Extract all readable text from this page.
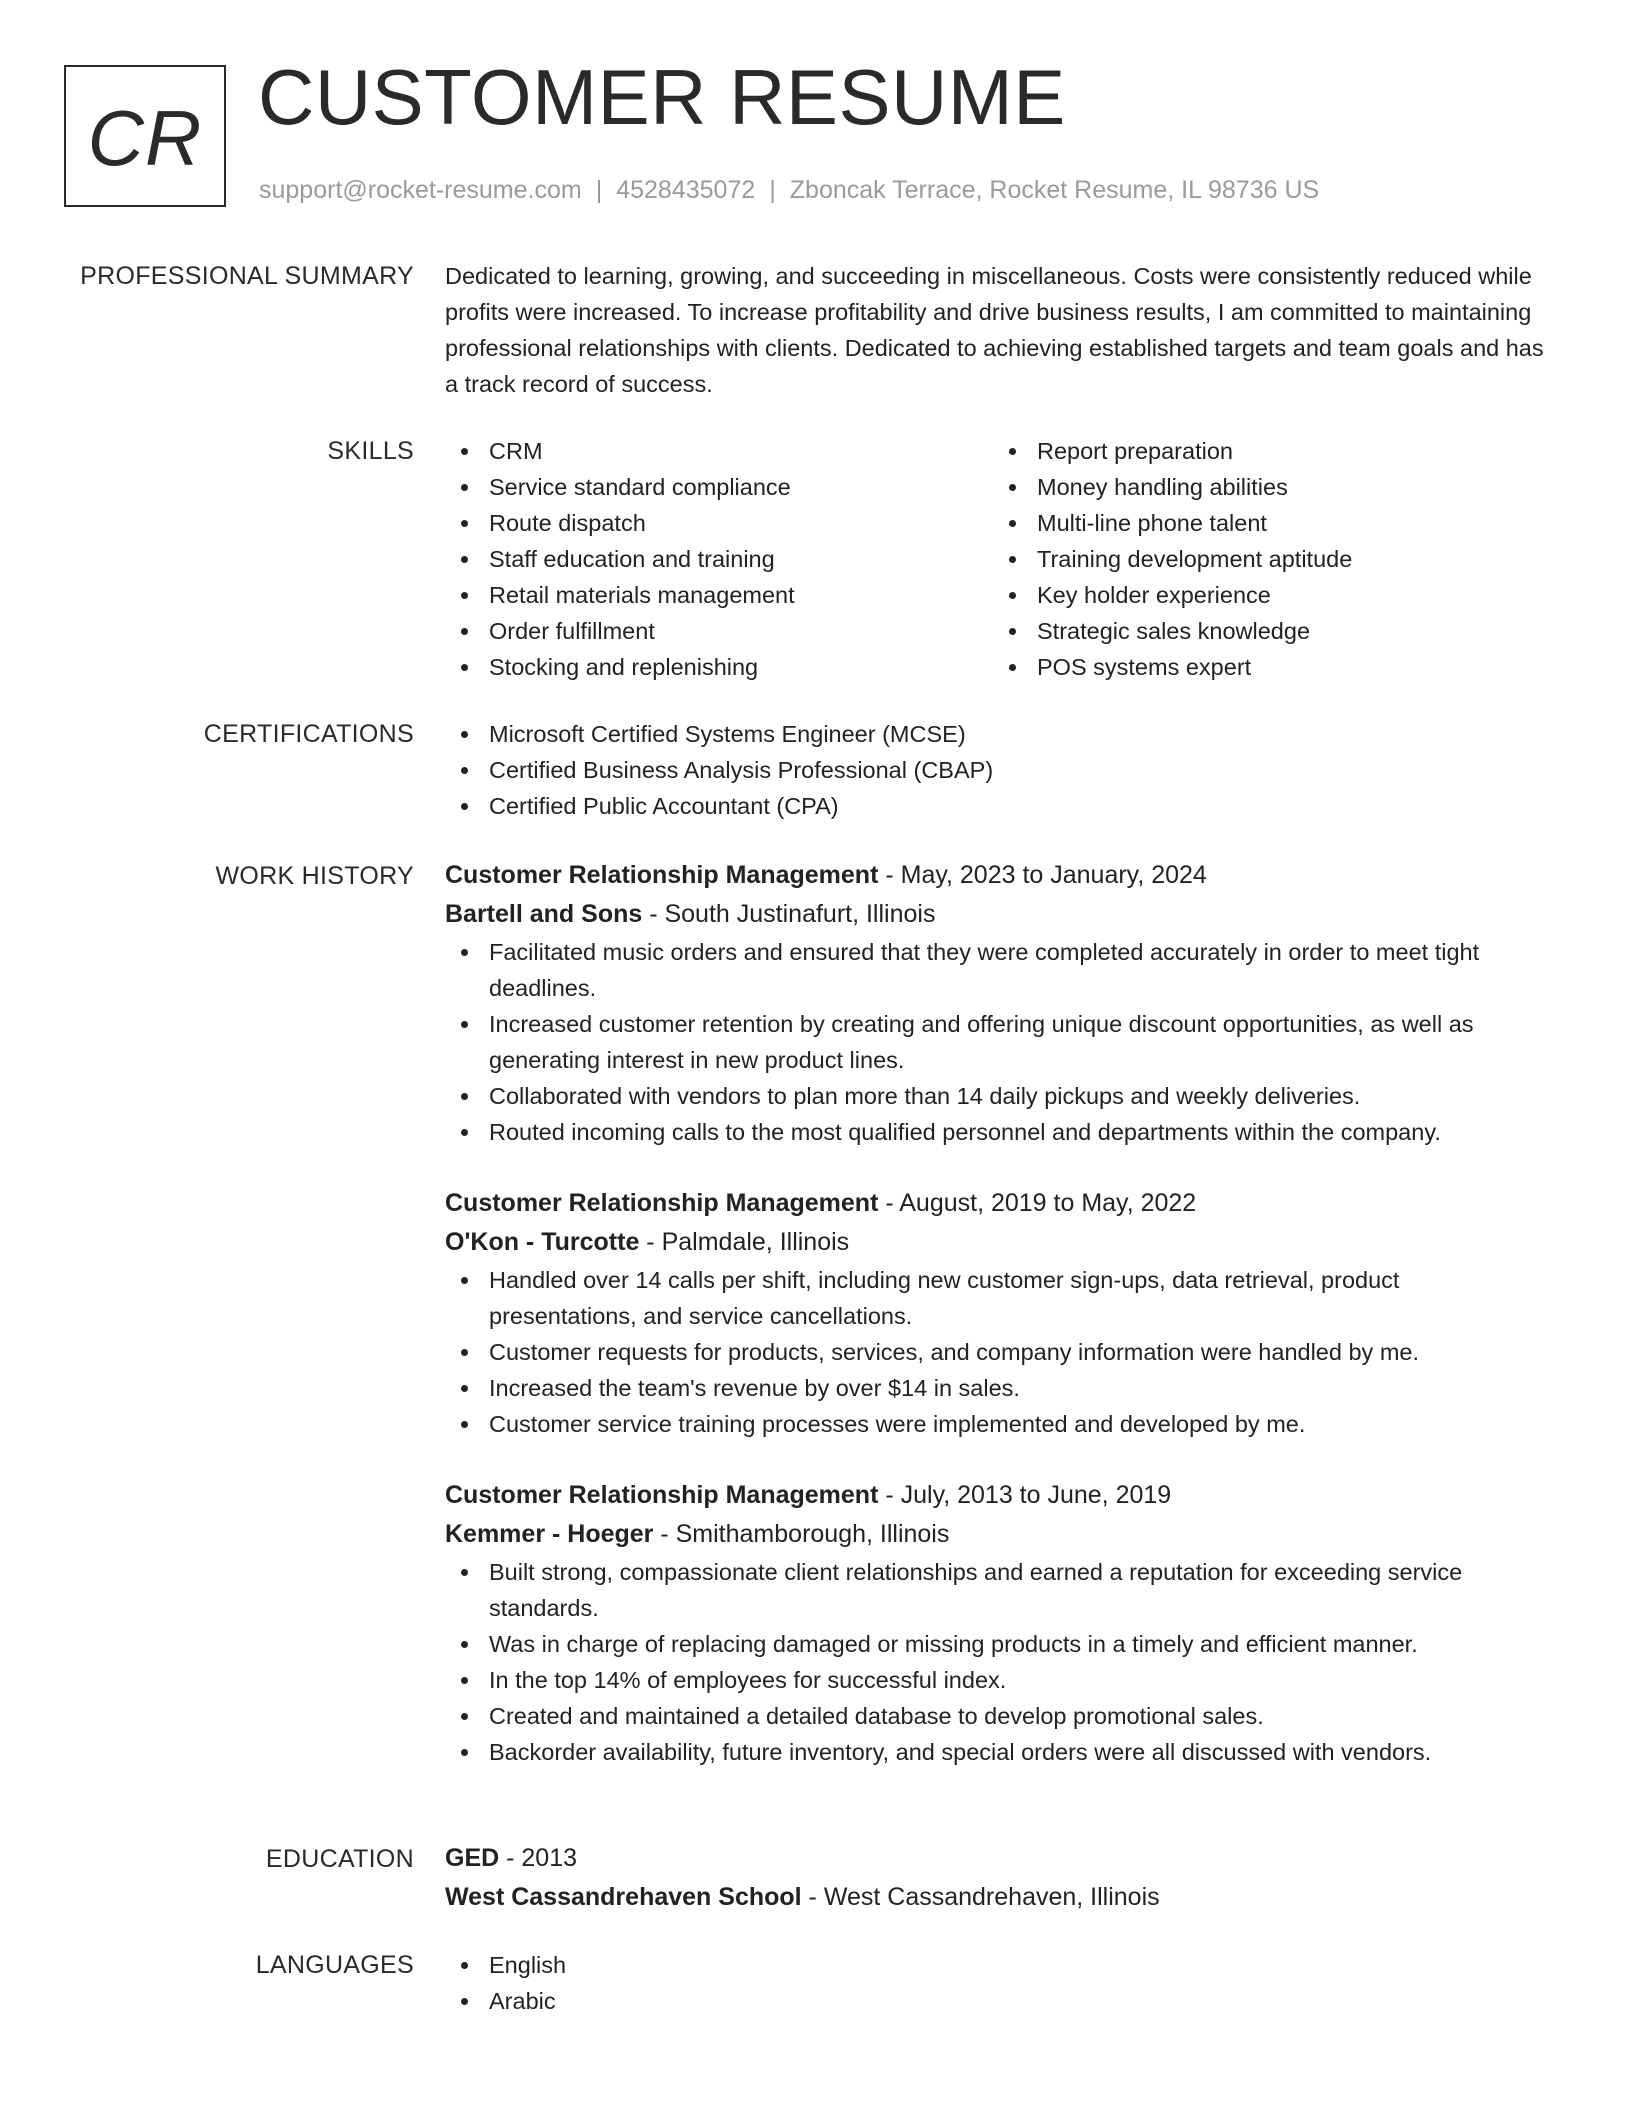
CR CUSTOMER RESUME
support@rocket-resume.com | 4528435072 | Zboncak Terrace, Rocket Resume, IL 98736 US
PROFESSIONAL SUMMARY Dedicated to learning, growing, and succeeding in miscellaneous. Costs were consistently reduced while profits were increased. To increase profitability and drive business results, I am committed to maintaining professional relationships with clients. Dedicated to achieving established targets and team goals and has a track record of success.

SKILLS	CRM
Service standard compliance
Route dispatch
Staff education and training
Retail materials management
Order fulfillment
Stocking and replenishing
Report preparation
Money handling abilities
Multi-line phone talent
Training development aptitude
Key holder experience
Strategic sales knowledge
POS systems expert
CERTIFICATIONS	Microsoft Certified Systems Engineer (MCSE)
Certified Business Analysis Professional (CBAP)
Certified Public Accountant (CPA)
WORK HISTORY Customer Relationship Management - May, 2023 to January, 2024
Bartell and Sons - South Justinafurt, Illinois
Facilitated music orders and ensured that they were completed accurately in order to meet tight deadlines.
Increased customer retention by creating and offering unique discount opportunities, as well as generating interest in new product lines.
Collaborated with vendors to plan more than 14 daily pickups and weekly deliveries.
Routed incoming calls to the most qualified personnel and departments within the company.
Customer Relationship Management - August, 2019 to May, 2022
O'Kon - Turcotte - Palmdale, Illinois
Handled over 14 calls per shift, including new customer sign-ups, data retrieval, product presentations, and service cancellations.
Customer requests for products, services, and company information were handled by me.
Increased the team's revenue by over $14 in sales.
Customer service training processes were implemented and developed by me.
Customer Relationship Management - July, 2013 to June, 2019
Kemmer - Hoeger - Smithamborough, Illinois
Built strong, compassionate client relationships and earned a reputation for exceeding service standards.
Was in charge of replacing damaged or missing products in a timely and efficient manner.
In the top 14% of employees for successful index.
Created and maintained a detailed database to develop promotional sales.
Backorder availability, future inventory, and special orders were all discussed with vendors.
EDUCATION GED - 2013
West Cassandrehaven School - West Cassandrehaven, Illinois
LANGUAGES	English
Arabic
